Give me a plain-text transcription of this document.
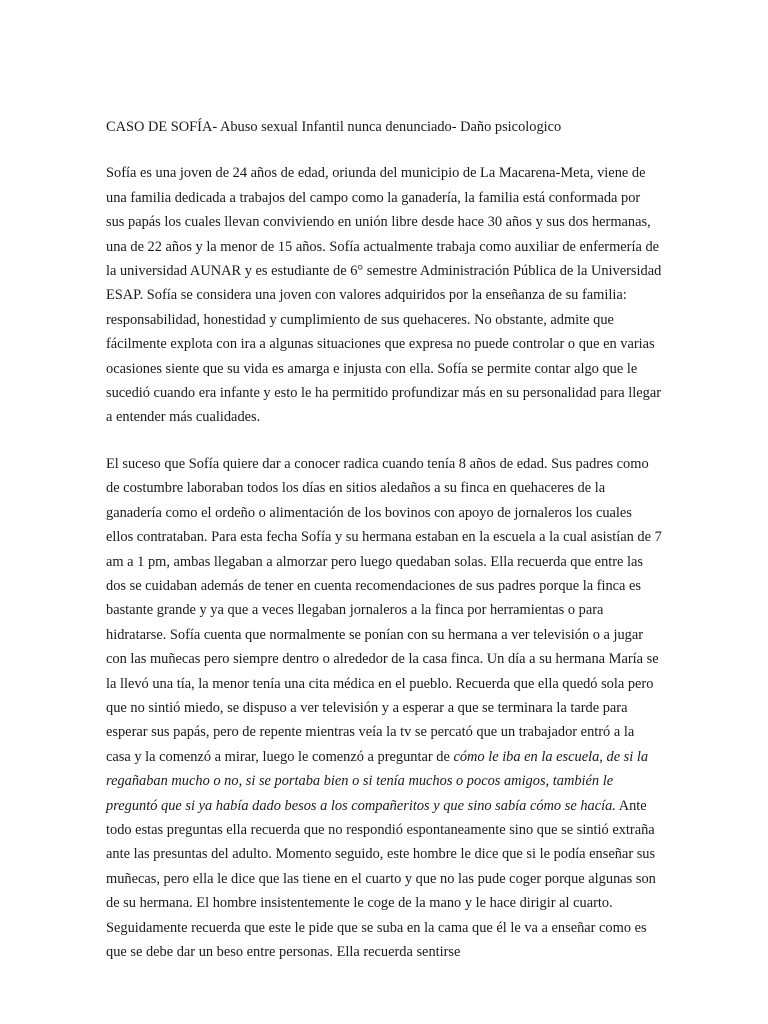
CASO DE SOFÍA- Abuso sexual Infantil nunca denunciado- Daño psicologico

Sofía es una joven de 24 años de edad, oriunda del municipio de La Macarena-Meta, viene de una familia dedicada a trabajos del campo como la ganadería, la familia está conformada por sus papás los cuales llevan conviviendo en unión libre desde hace 30 años y sus dos hermanas, una de 22 años y la menor de 15 años. Sofía actualmente trabaja como auxiliar de enfermería de la universidad AUNAR y es estudiante de 6° semestre Administración Pública de la Universidad ESAP. Sofía se considera una joven con valores adquiridos por la enseñanza de su familia: responsabilidad, honestidad y cumplimiento de sus quehaceres. No obstante, admite que fácilmente explota con ira a algunas situaciones que expresa no puede controlar o que en varias ocasiones siente que su vida es amarga e injusta con ella. Sofía se permite contar algo que le sucedió cuando era infante y esto le ha permitido profundizar más en su personalidad para llegar a entender más cualidades.

El suceso que Sofía quiere dar a conocer radica cuando tenía 8 años de edad. Sus padres como de costumbre laboraban todos los días en sitios aledaños a su finca en quehaceres de la ganadería como el ordeño o alimentación de los bovinos con apoyo de jornaleros los cuales ellos contrataban. Para esta fecha Sofía y su hermana estaban en la escuela a la cual asistían de 7 am a 1 pm, ambas llegaban a almorzar pero luego quedaban solas. Ella recuerda que entre las dos se cuidaban además de tener en cuenta recomendaciones de sus padres porque la finca es bastante grande y ya que a veces llegaban jornaleros a la finca por herramientas o para hidratarse. Sofía cuenta que normalmente se ponían con su hermana a ver televisión o a jugar con las muñecas pero siempre dentro o alrededor de la casa finca. Un día a su hermana María se la llevó una tía, la menor tenía una cita médica en el pueblo. Recuerda que ella quedó sola pero que no sintió miedo, se dispuso a ver televisión y a esperar a que se terminara la tarde para esperar sus papás, pero de repente mientras veía la tv se percató que un trabajador entró a la casa y la comenzó a mirar, luego le comenzó a preguntar de cómo le iba en la escuela, de si la regañaban mucho o no, si se portaba bien o si tenía muchos o pocos amigos, también le preguntó que si ya había dado besos a los compañeritos y que sino sabía cómo se hacía. Ante todo estas preguntas ella recuerda que no respondió espontaneamente sino que se sintió extraña ante las presuntas del adulto. Momento seguido, este hombre le dice que si le podía enseñar sus muñecas, pero ella le dice que las tiene en el cuarto y que no las pude coger porque algunas son de su hermana. El hombre insistentemente le coge de la mano y le hace dirigir al cuarto. Seguidamente recuerda que este le pide que se suba en la cama que él le va a enseñar como es que se debe dar un beso entre personas. Ella recuerda sentirse
